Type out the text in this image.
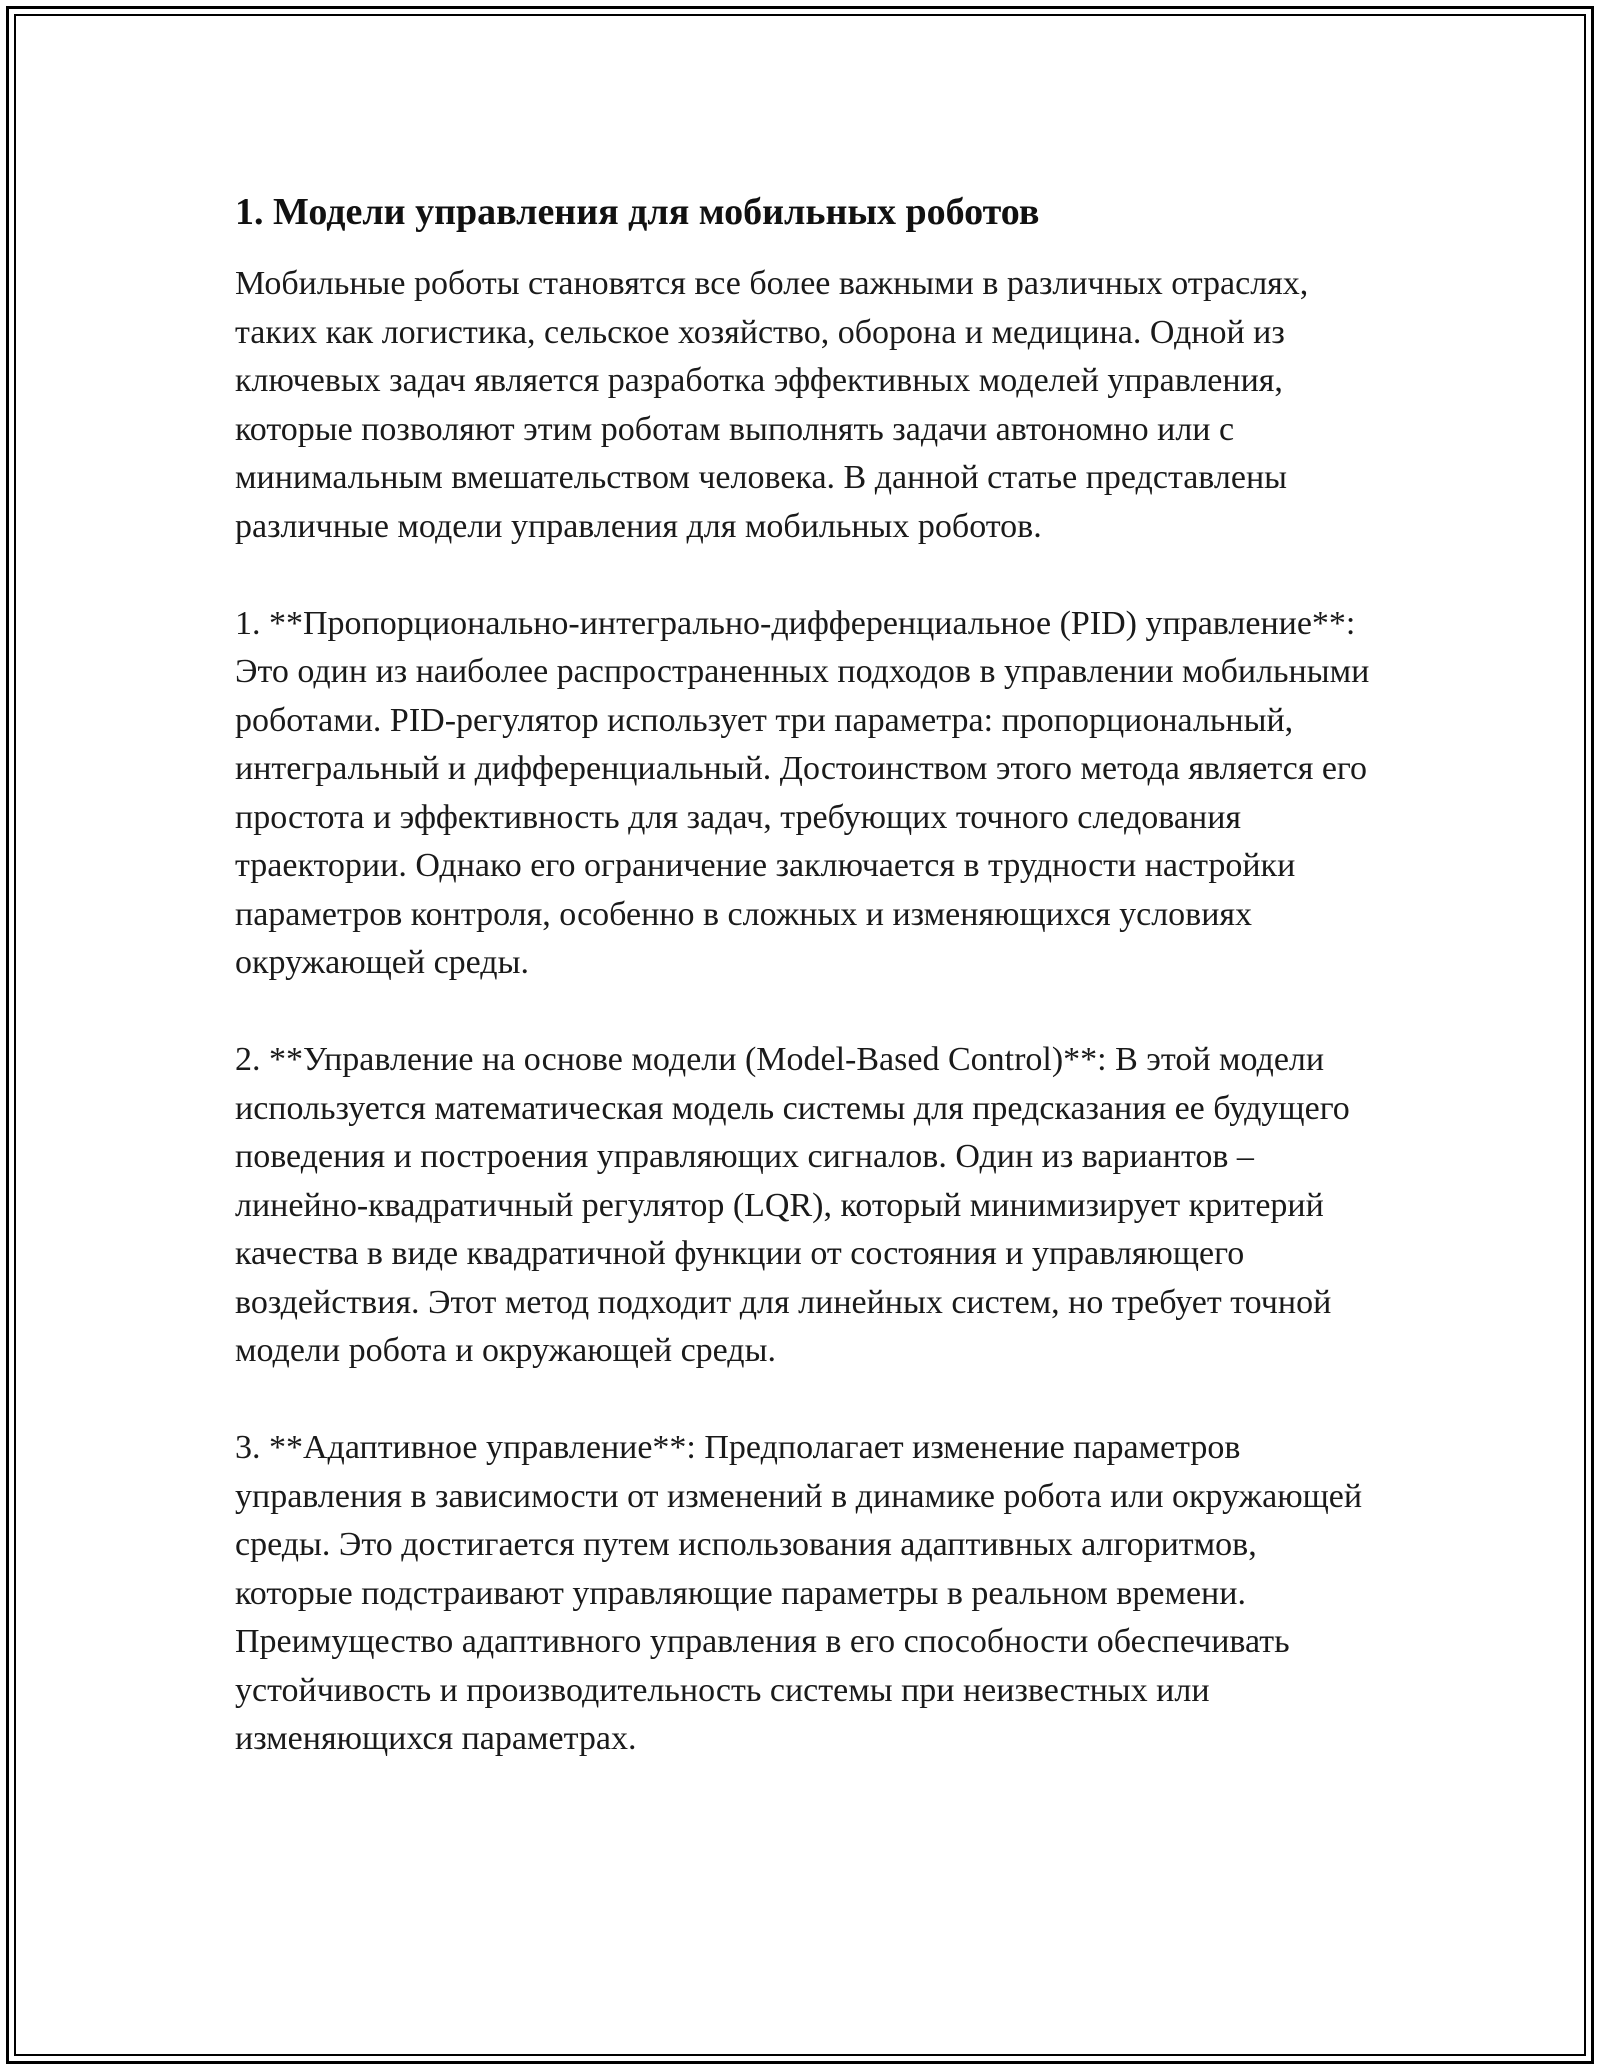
1. Модели управления для мобильных роботов

Мобильные роботы становятся все более важными в различных отраслях, таких как логистика, сельское хозяйство, оборона и медицина. Одной из ключевых задач является разработка эффективных моделей управления, которые позволяют этим роботам выполнять задачи автономно или с минимальным вмешательством человека. В данной статье представлены различные модели управления для мобильных роботов.

1. **Пропорционально-интегрально-дифференциальное (PID) управление**: Это один из наиболее распространенных подходов в управлении мобильными роботами. PID-регулятор использует три параметра: пропорциональный, интегральный и дифференциальный. Достоинством этого метода является его простота и эффективность для задач, требующих точного следования траектории. Однако его ограничение заключается в трудности настройки параметров контроля, особенно в сложных и изменяющихся условиях окружающей среды.

2. **Управление на основе модели (Model-Based Control)**: В этой модели используется математическая модель системы для предсказания ее будущего поведения и построения управляющих сигналов. Один из вариантов – линейно-квадратичный регулятор (LQR), который минимизирует критерий качества в виде квадратичной функции от состояния и управляющего воздействия. Этот метод подходит для линейных систем, но требует точной модели робота и окружающей среды.

3. **Адаптивное управление**: Предполагает изменение параметров управления в зависимости от изменений в динамике робота или окружающей среды. Это достигается путем использования адаптивных алгоритмов, которые подстраивают управляющие параметры в реальном времени. Преимущество адаптивного управления в его способности обеспечивать устойчивость и производительность системы при неизвестных или изменяющихся параметрах.
